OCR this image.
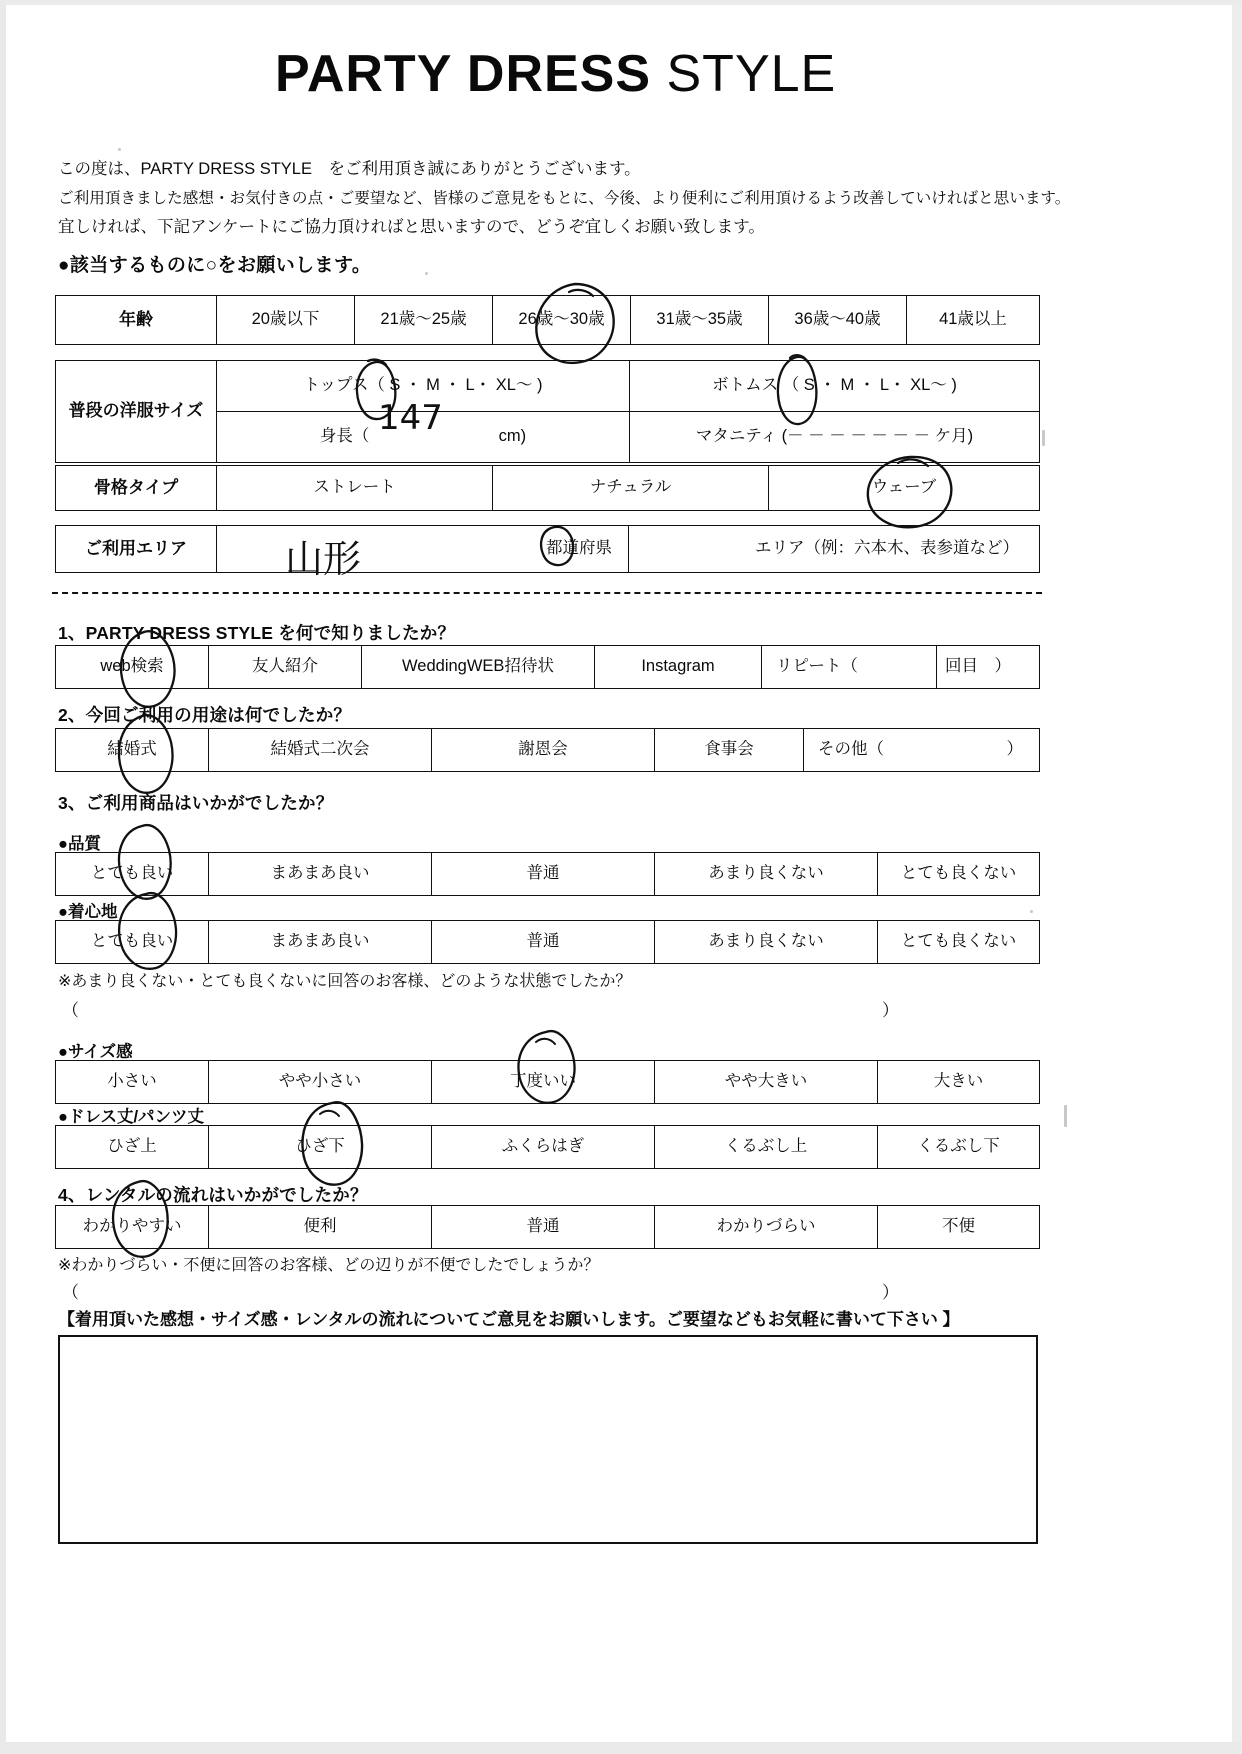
PARTY DRESS STYLE
この度は、PARTY DRESS STYLE　をご利用頂き誠にありがとうございます。
ご利用頂きました感想・お気付きの点・ご要望など、皆様のご意見をもとに、今後、より便利にご利用頂けるよう改善していければと思います。
宜しければ、下記アンケートにご協力頂ければと思いますので、どうぞ宜しくお願い致します。
●該当するものに○をお願いします。
年齢	20歳以下	21歳〜25歳	26歳〜30歳	31歳〜35歳	36歳〜40歳	41歳以上
普段の洋服サイズ	トップス（ S ・ M ・ L・ XL〜 )	ボトムス （ S ・ M ・ L・ XL〜 )
	身長（ cm)	マタニティ (－ － － － － － － ケ月)
147
骨格タイプ	ストレート	ナチュラル	ウェーブ
ご利用エリア	都道府県	エリア（例：六本木、表参道など）
山形
1、PARTY DRESS STYLE を何で知りましたか？
web検索	友人紹介	WeddingWEB招待状	Instagram	リピート（	回目　）
2、今回ご利用の用途は何でしたか？
結婚式	結婚式二次会	謝恩会	食事会	その他（	）
3、ご利用商品はいかがでしたか？
●品質
とても良い	まあまあ良い	普通	あまり良くない	とても良くない
●着心地
とても良い	まあまあ良い	普通	あまり良くない	とても良くない
※あまり良くない・とても良くないに回答のお客様、どのような状態でしたか？
（	）
●サイズ感
小さい	やや小さい	丁度いい	やや大きい	大きい
●ドレス丈/パンツ丈
ひざ上	ひざ下	ふくらはぎ	くるぶし上	くるぶし下
4、レンタルの流れはいかがでしたか？
わかりやすい	便利	普通	わかりづらい	不便
※わかりづらい・不便に回答のお客様、どの辺りが不便でしたでしょうか？
（	）
【着用頂いた感想・サイズ感・レンタルの流れについてご意見をお願いします。ご要望などもお気軽に書いて下さい 】
